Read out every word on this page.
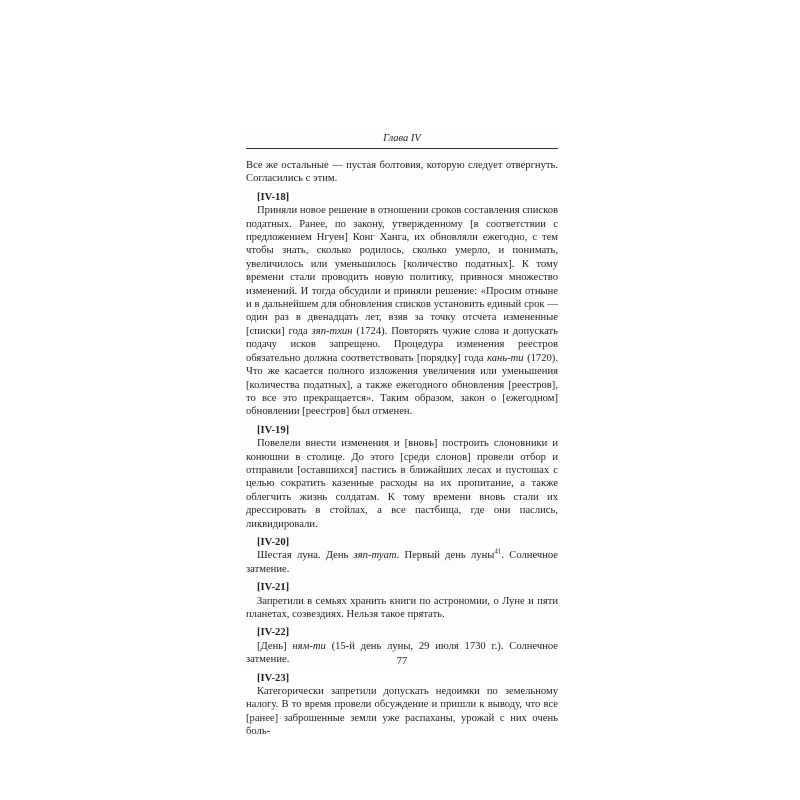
Глава IV

Все же остальные — пустая болтовия, которую следует отвергнуть. Согласились с этим.

[IV-18]

Приняли новое решение в отношении сроков составления списков податных. Ранее, по закону, утвержденному [в соответствии с предложением Нгуен] Конг Ханга, их обновляли ежегодно, с тем чтобы знать, сколько родилось, сколько умерло, и понимать, увеличилось или уменьшилось [количество податных]. К тому времени стали проводить новую политику, привнося множество изменений. И тогда обсудили и приняли решение: «Просим отныне и в дальнейшем для обновления списков установить единый срок — один раз в двенадцать лет, взяв за точку отсчета измененные [списки] года зяп-тхин (1724). Повторять чужие слова и допускать подачу исков запрещено. Процедура изменения реестров обязательно должна соответствовать [порядку] года кань-ти (1720). Что же касается полного изложения увеличения или уменьшения [количества податных], а также ежегодного обновления [реестров], то все это прекращается». Таким образом, закон о [ежегодном] обновлении [реестров] был отменен.

[IV-19]

Повелели внести изменения и [вновь] построить слоновники и конюшни в столице. До этого [среди слонов] провели отбор и отправили [оставшихся] пастись в ближайших лесах и пустошах с целью сократить казенные расходы на их пропитание, а также облегчить жизнь солдатам. К тому времени вновь стали их дрессировать в стойлах, а все пастбища, где они паслись, ликвидировали.

[IV-20]

Шестая луна. День зяп-туат. Первый день луны$^{41}$. Солнечное затмение.

[IV-21]

Запретили в семьях хранить книги по астрономии, о Луне и пяти планетах, созвездиях. Нельзя такое прятать.

[IV-22]

[День] ням-ти (15-й день луны, 29 июля 1730 г.). Солнечное затмение.

[IV-23]

Категорически запретили допускать недоимки по земельному налогу. В то время провели обсуждение и пришли к выводу, что все [ранее] заброшенные земли уже распаханы, урожай с них очень боль-

77
